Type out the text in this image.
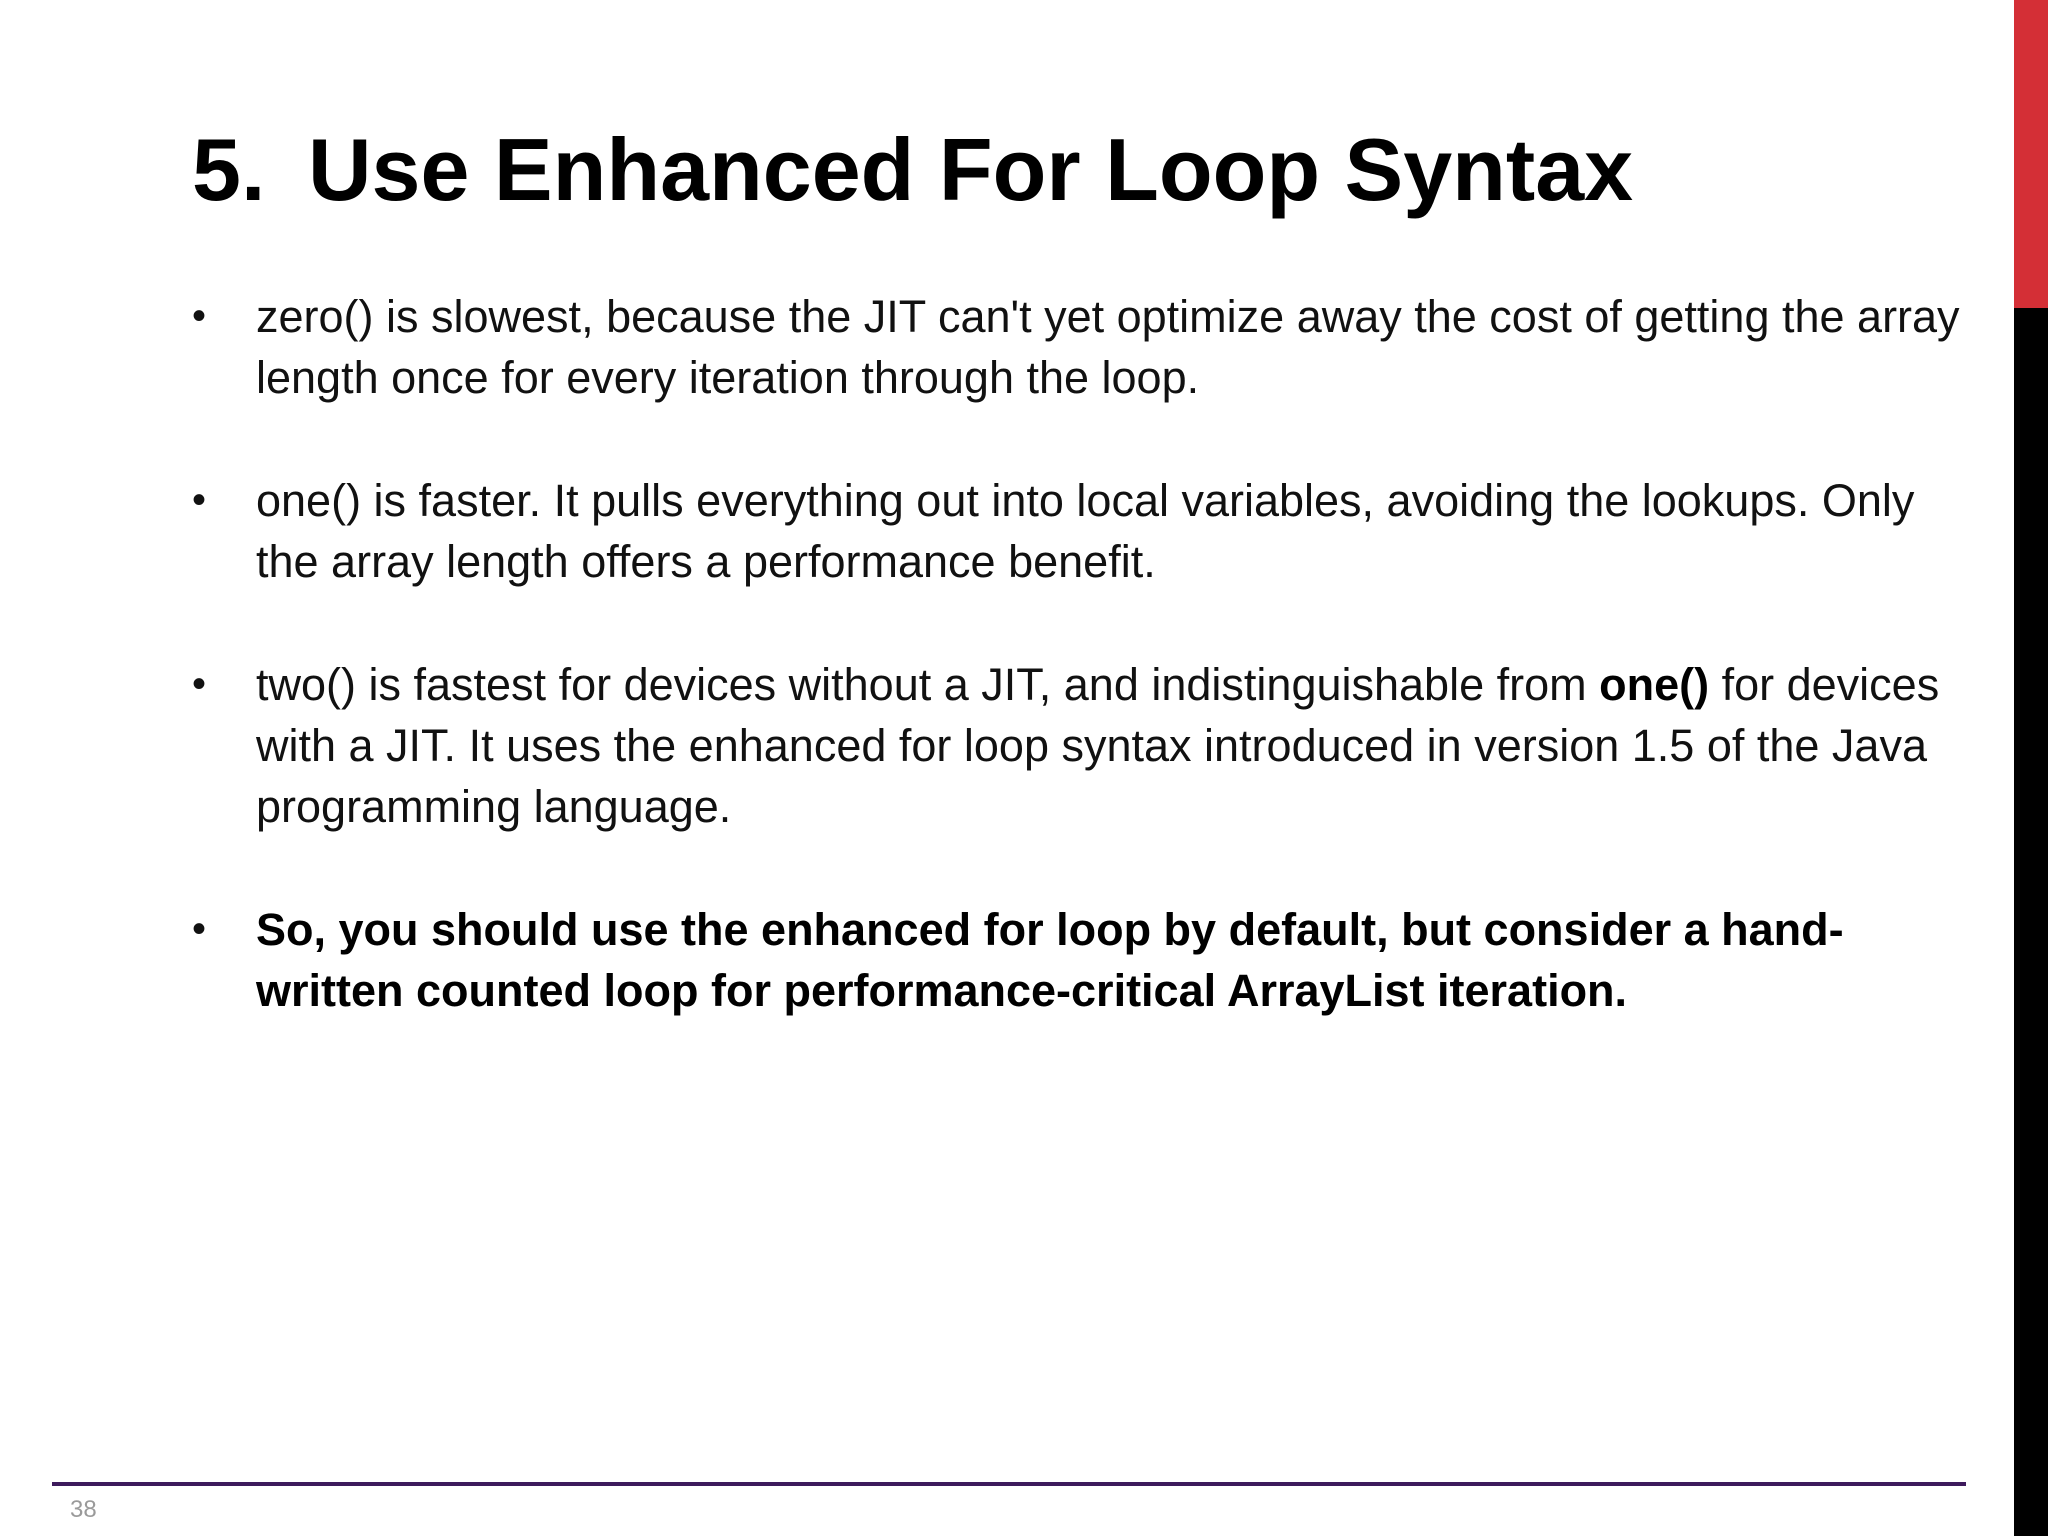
5. Use Enhanced For Loop Syntax
•	zero() is slowest, because the JIT can't yet optimize away the cost of getting the array length once for every iteration through the loop.
•	one() is faster. It pulls everything out into local variables, avoiding the lookups. Only the array length offers a performance benefit.
•	two() is fastest for devices without a JIT, and indistinguishable from one() for devices with a JIT. It uses the enhanced for loop syntax introduced in version 1.5 of the Java programming language.
•	So, you should use the enhanced for loop by default, but consider a hand-written counted loop for performance-critical ArrayList iteration.
38
